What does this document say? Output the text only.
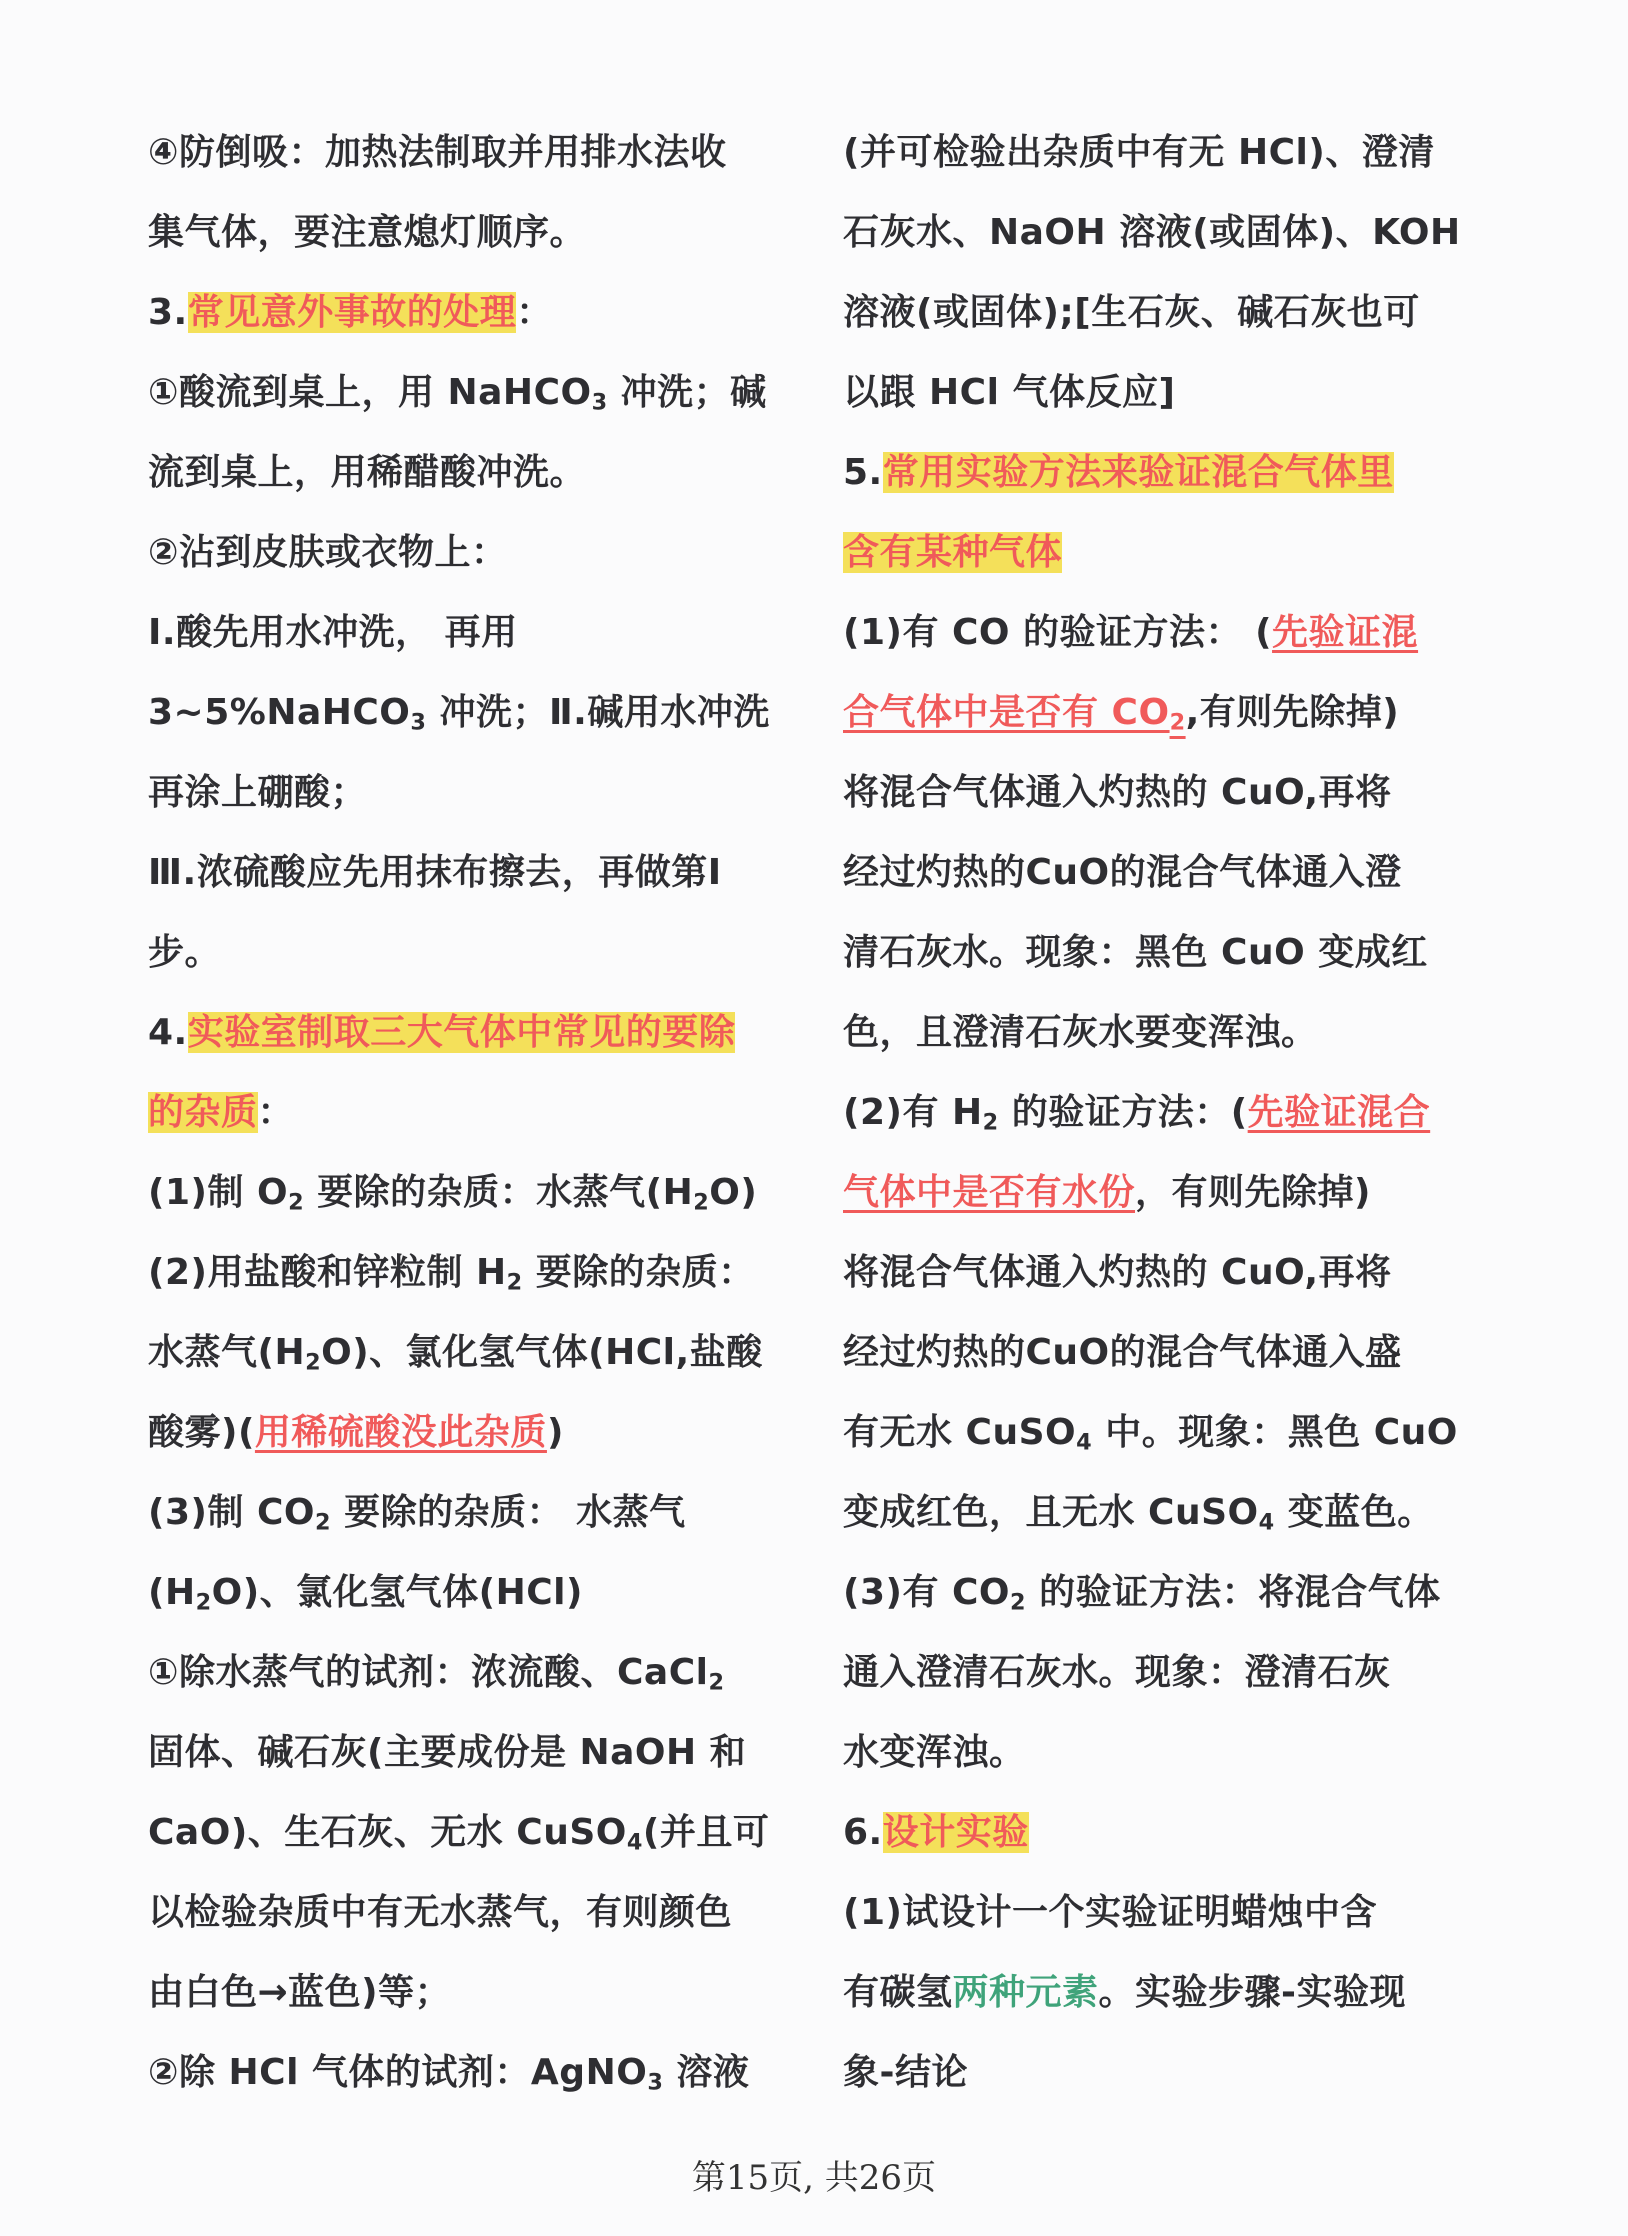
④防倒吸：加热法制取并用排水法收
集气体，要注意熄灯顺序。
3.常见意外事故的处理：
①酸流到桌上，用 NaHCO$_3$ 冲洗；碱
流到桌上，用稀醋酸冲洗。
②沾到皮肤或衣物上：
Ⅰ.酸先用水冲洗， 再用
3~5%NaHCO$_3$ 冲洗；Ⅱ.碱用水冲洗
再涂上硼酸；
Ⅲ.浓硫酸应先用抹布擦去，再做第Ⅰ
步。
4.实验室制取三大气体中常见的要除
的杂质：
(1)制 $O_2$ 要除的杂质：水蒸气$(H_2O)$
(2)用盐酸和锌粒制 $H_2$ 要除的杂质：
水蒸气$(H_2O)$、氯化氢气体(HCl,盐酸
酸雾)(用稀硫酸没此杂质)
(3)制 $CO_2$ 要除的杂质： 水蒸气
$(H_2O)$、氯化氢气体(HCl)
①除水蒸气的试剂：浓流酸、CaCl$_2$
固体、碱石灰(主要成份是 NaOH 和
CaO)、生石灰、无水 CuSO$_4$(并且可
以检验杂质中有无水蒸气，有则颜色
由白色→蓝色)等；
②除 HCl 气体的试剂：AgNO$_3$ 溶液
(并可检验出杂质中有无 HCl)、澄清
石灰水、NaOH 溶液(或固体)、KOH
溶液(或固体);[生石灰、碱石灰也可
以跟 HCl 气体反应]
5.常用实验方法来验证混合气体里
含有某种气体
(1)有 CO 的验证方法： (先验证混
合气体中是否有 $CO_2$,有则先除掉)
将混合气体通入灼热的 CuO,再将
经过灼热的CuO的混合气体通入澄
清石灰水。现象：黑色 CuO 变成红
色，且澄清石灰水要变浑浊。
(2)有 $H_2$ 的验证方法：(先验证混合
气体中是否有水份，有则先除掉)
将混合气体通入灼热的 CuO,再将
经过灼热的CuO的混合气体通入盛
有无水 CuSO$_4$ 中。现象：黑色 CuO
变成红色，且无水 CuSO$_4$ 变蓝色。
(3)有 $CO_2$ 的验证方法：将混合气体
通入澄清石灰水。现象：澄清石灰
水变浑浊。
6.设计实验
(1)试设计一个实验证明蜡烛中含
有碳氢两种元素。实验步骤-实验现
象-结论
第15页, 共26页
